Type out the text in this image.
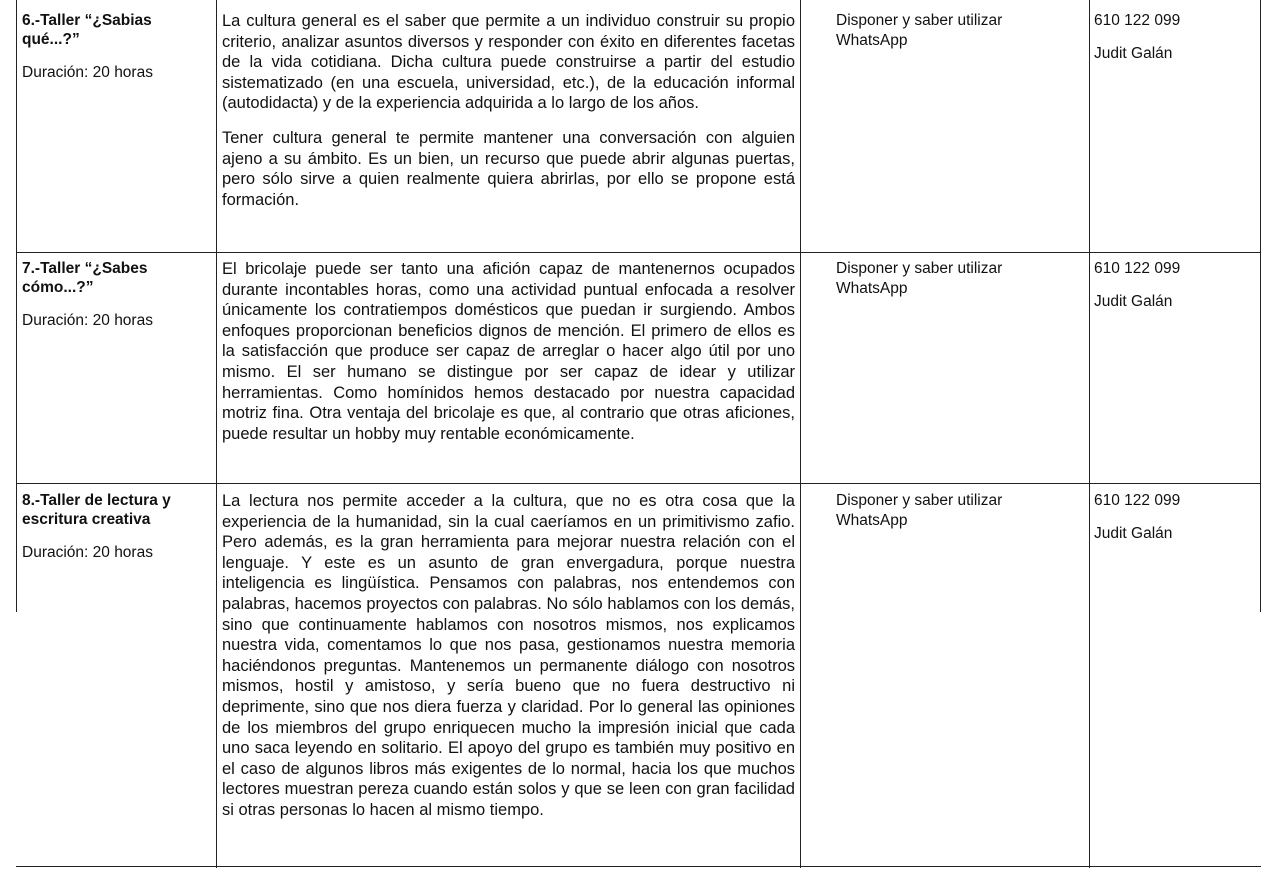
6.-Taller “¿Sabias qué...?”
Duración: 20 horas

La cultura general es el saber que permite a un individuo construir su propio criterio, analizar asuntos diversos y responder con éxito en diferentes facetas de la vida cotidiana. Dicha cultura puede construirse a partir del estudio sistematizado (en una escuela, universidad, etc.), de la educación informal (autodidacta) y de la experiencia adquirida a lo largo de los años.

Tener cultura general te permite mantener una conversación con alguien ajeno a su ámbito. Es un bien, un recurso que puede abrir algunas puertas, pero sólo sirve a quien realmente quiera abrirlas, por ello se propone está formación.

Disponer y saber utilizar WhatsApp
610 122 099
Judit Galán
7.-Taller “¿Sabes cómo...?”
Duración: 20 horas

El bricolaje puede ser tanto una afición capaz de mantenernos ocupados durante incontables horas, como una actividad puntual enfocada a resolver únicamente los contratiempos domésticos que puedan ir surgiendo. Ambos enfoques proporcionan beneficios dignos de mención. El primero de ellos es la satisfacción que produce ser capaz de arreglar o hacer algo útil por uno mismo. El ser humano se distingue por ser capaz de idear y utilizar herramientas. Como homínidos hemos destacado por nuestra capacidad motriz fina. Otra ventaja del bricolaje es que, al contrario que otras aficiones, puede resultar un hobby muy rentable económicamente.

Disponer y saber utilizar WhatsApp
610 122 099
Judit Galán
8.-Taller de lectura y escritura creativa
Duración: 20 horas

La lectura nos permite acceder a la cultura, que no es otra cosa que la experiencia de la humanidad, sin la cual caeríamos en un primitivismo zafio. Pero además, es la gran herramienta para mejorar nuestra relación con el lenguaje. Y este es un asunto de gran envergadura, porque nuestra inteligencia es lingüística. Pensamos con palabras, nos entendemos con palabras, hacemos proyectos con palabras. No sólo hablamos con los demás, sino que continuamente hablamos con nosotros mismos, nos explicamos nuestra vida, comentamos lo que nos pasa, gestionamos nuestra memoria haciéndonos preguntas. Mantenemos un permanente diálogo con nosotros mismos, hostil y amistoso, y sería bueno que no fuera destructivo ni deprimente, sino que nos diera fuerza y claridad. Por lo general las opiniones de los miembros del grupo enriquecen mucho la impresión inicial que cada uno saca leyendo en solitario. El apoyo del grupo es también muy positivo en el caso de algunos libros más exigentes de lo normal, hacia los que muchos lectores muestran pereza cuando están solos y que se leen con gran facilidad si otras personas lo hacen al mismo tiempo.

Disponer y saber utilizar WhatsApp
610 122 099
Judit Galán
